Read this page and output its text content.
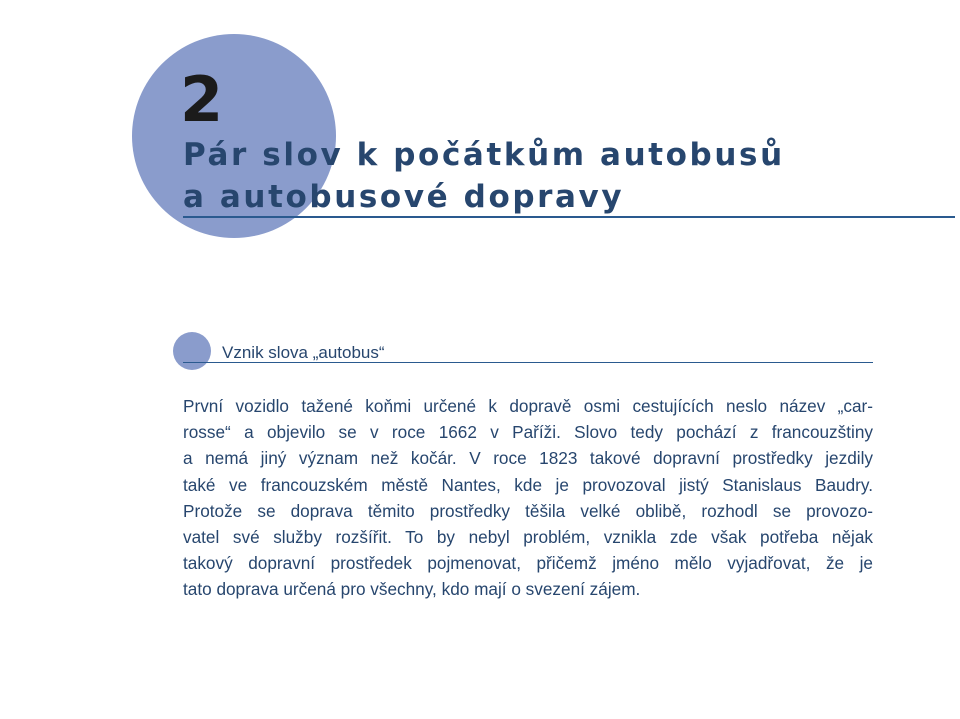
2
Pár slov k počátkům autobusů
a autobusové dopravy
Vznik slova „autobus“

První vozidlo tažené koňmi určené k dopravě osmi cestujících neslo název „car-
rosse“ a objevilo se v roce 1662 v Paříži. Slovo tedy pochází z francouzštiny
a nemá jiný význam než kočár. V roce 1823 takové dopravní prostředky jezdily
také ve francouzském městě Nantes, kde je provozoval jistý Stanislaus Baudry.
Protože se doprava těmito prostředky těšila velké oblibě, rozhodl se provozo-
vatel své služby rozšířit. To by nebyl problém, vznikla zde však potřeba nějak
takový dopravní prostředek pojmenovat, přičemž jméno mělo vyjadřovat, že je
tato doprava určená pro všechny, kdo mají o svezení zájem.
